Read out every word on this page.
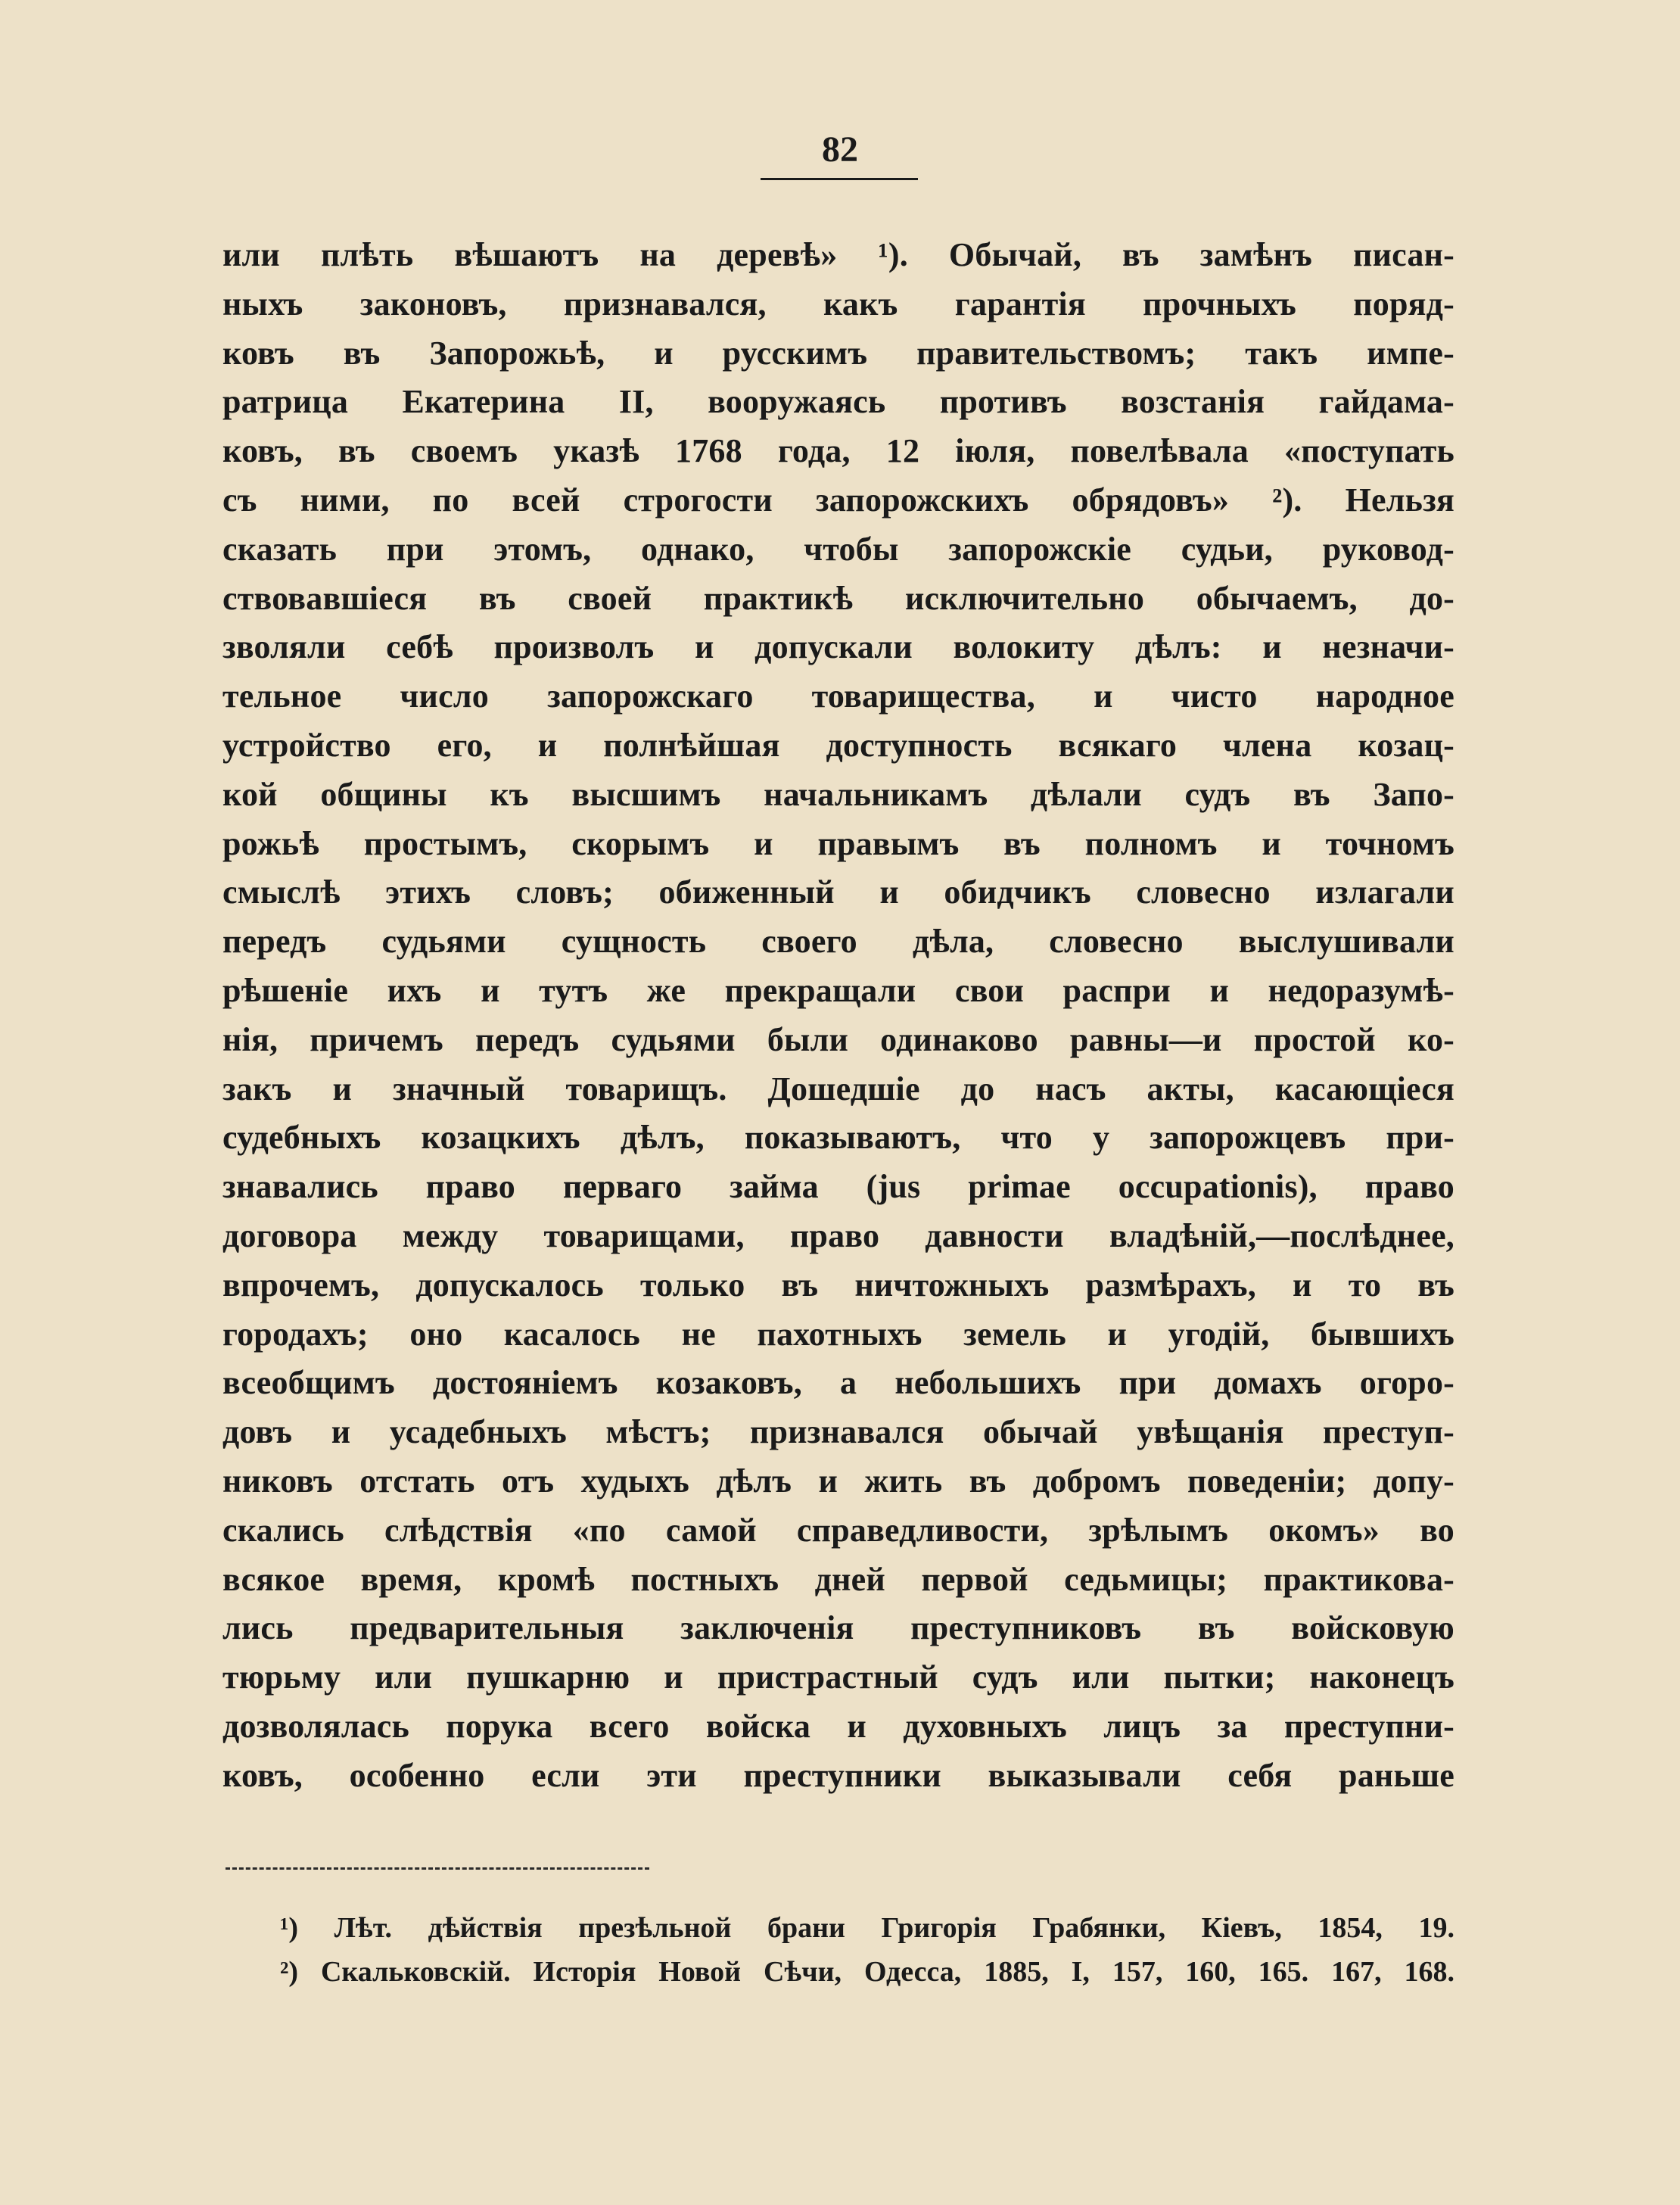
82
или плѣть вѣшаютъ на деревѣ» ¹). Обычай, въ замѣнъ писан-
ныхъ законовъ, признавался, какъ гарантія прочныхъ поряд-
ковъ въ Запорожьѣ, и русскимъ правительствомъ; такъ импе-
ратрица Екатерина II, вооружаясь противъ возстанія гайдама-
ковъ, въ своемъ указѣ 1768 года, 12 іюля, повелѣвала «поступать
съ ними, по всей строгости запорожскихъ обрядовъ» ²). Нельзя
сказать при этомъ, однако, чтобы запорожскіе судьи, руковод-
ствовавшіеся въ своей практикѣ исключительно обычаемъ, до-
зволяли себѣ произволъ и допускали волокиту дѣлъ: и незначи-
тельное число запорожскаго товарищества, и чисто народное
устройство его, и полнѣйшая доступность всякаго члена козац-
кой общины къ высшимъ начальникамъ дѣлали судъ въ Запо-
рожьѣ простымъ, скорымъ и правымъ въ полномъ и точномъ
смыслѣ этихъ словъ; обиженный и обидчикъ словесно излагали
передъ судьями сущность своего дѣла, словесно выслушивали
рѣшеніе ихъ и тутъ же прекращали свои распри и недоразумѣ-
нія, причемъ передъ судьями были одинаково равны—и простой ко-
закъ и значный товарищъ. Дошедшіе до насъ акты, касающіеся
судебныхъ козацкихъ дѣлъ, показываютъ, что у запорожцевъ при-
знавались право перваго займа (jus primae occupationis), право
договора между товарищами, право давности владѣній,—послѣднее,
впрочемъ, допускалось только въ ничтожныхъ размѣрахъ, и то въ
городахъ; оно касалось не пахотныхъ земель и угодій, бывшихъ
всеобщимъ достояніемъ козаковъ, а небольшихъ при домахъ огоро-
довъ и усадебныхъ мѣстъ; признавался обычай увѣщанія преступ-
никовъ отстать отъ худыхъ дѣлъ и жить въ добромъ поведеніи; допу-
скались слѣдствія «по самой справедливости, зрѣлымъ окомъ» во
всякое время, кромѣ постныхъ дней первой седьмицы; практикова-
лись предварительныя заключенія преступниковъ въ войсковую
тюрьму или пушкарню и пристрастный судъ или пытки; наконецъ
дозволялась порука всего войска и духовныхъ лицъ за преступни-
ковъ, особенно если эти преступники выказывали себя раньше
¹) Лѣт. дѣйствія презѣльной брани Григорія Грабянки, Кіевъ, 1854, 19.
²) Скальковскій. Исторія Новой Сѣчи, Одесса, 1885, I, 157, 160, 165. 167, 168.
